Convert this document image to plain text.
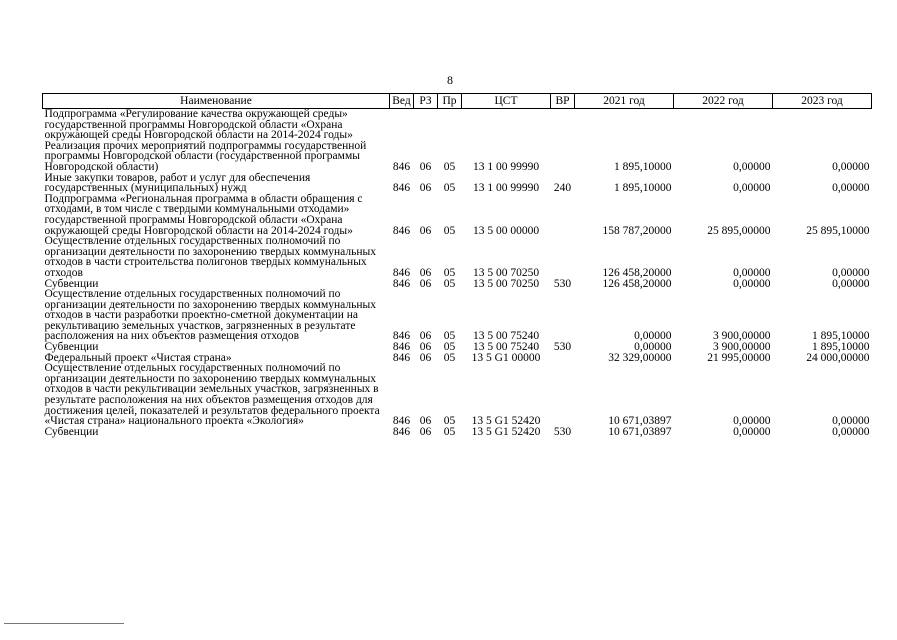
8
Наименование	Вед	РЗ	Пр	ЦСТ	ВР	2021 год	2022 год	2023 год
Подпрограмма «Регулирование качества окружающей среды» государственной программы Новгородской области «Охрана окружающей среды Новгородской области на 2014-2024 годы»								
Реализация прочих мероприятий подпрограммы государственной программы Новгородской области (государственной программы Новгородской области)	846	06	05	13 1 00 99990		1 895,10000	0,00000	0,00000
Иные закупки товаров, работ и услуг для обеспечения государственных (муниципальных) нужд	846	06	05	13 1 00 99990	240	1 895,10000	0,00000	0,00000
Подпрограмма «Региональная программа в области обращения с отходами, в том числе с твердыми коммунальными отходами» государственной программы Новгородской области «Охрана окружающей среды Новгородской области на 2014-2024 годы»	846	06	05	13 5 00 00000		158 787,20000	25 895,00000	25 895,10000
Осуществление отдельных государственных полномочий по организации деятельности по захоронению твердых коммунальных отходов в части строительства полигонов твердых коммунальных отходов	846	06	05	13 5 00 70250		126 458,20000	0,00000	0,00000
Субвенции	846	06	05	13 5 00 70250	530	126 458,20000	0,00000	0,00000
Осуществление отдельных государственных полномочий по организации деятельности по захоронению твердых коммунальных отходов в части разработки проектно-сметной документации на рекультивацию земельных участков, загрязненных в результате расположения на них объектов размещения отходов	846	06	05	13 5 00 75240		0,00000	3 900,00000	1 895,10000
Субвенции	846	06	05	13 5 00 75240	530	0,00000	3 900,00000	1 895,10000
Федеральный проект «Чистая страна»	846	06	05	13 5 G1 00000		32 329,00000	21 995,00000	24 000,00000
Осуществление отдельных государственных полномочий по организации деятельности по захоронению твердых коммунальных отходов в части рекультивации земельных участков, загрязненных в результате расположения на них объектов размещения отходов для достижения целей, показателей и результатов федерального проекта «Чистая страна» национального проекта «Экология»	846	06	05	13 5 G1 52420		10 671,03897	0,00000	0,00000
Субвенции	846	06	05	13 5 G1 52420	530	10 671,03897	0,00000	0,00000
